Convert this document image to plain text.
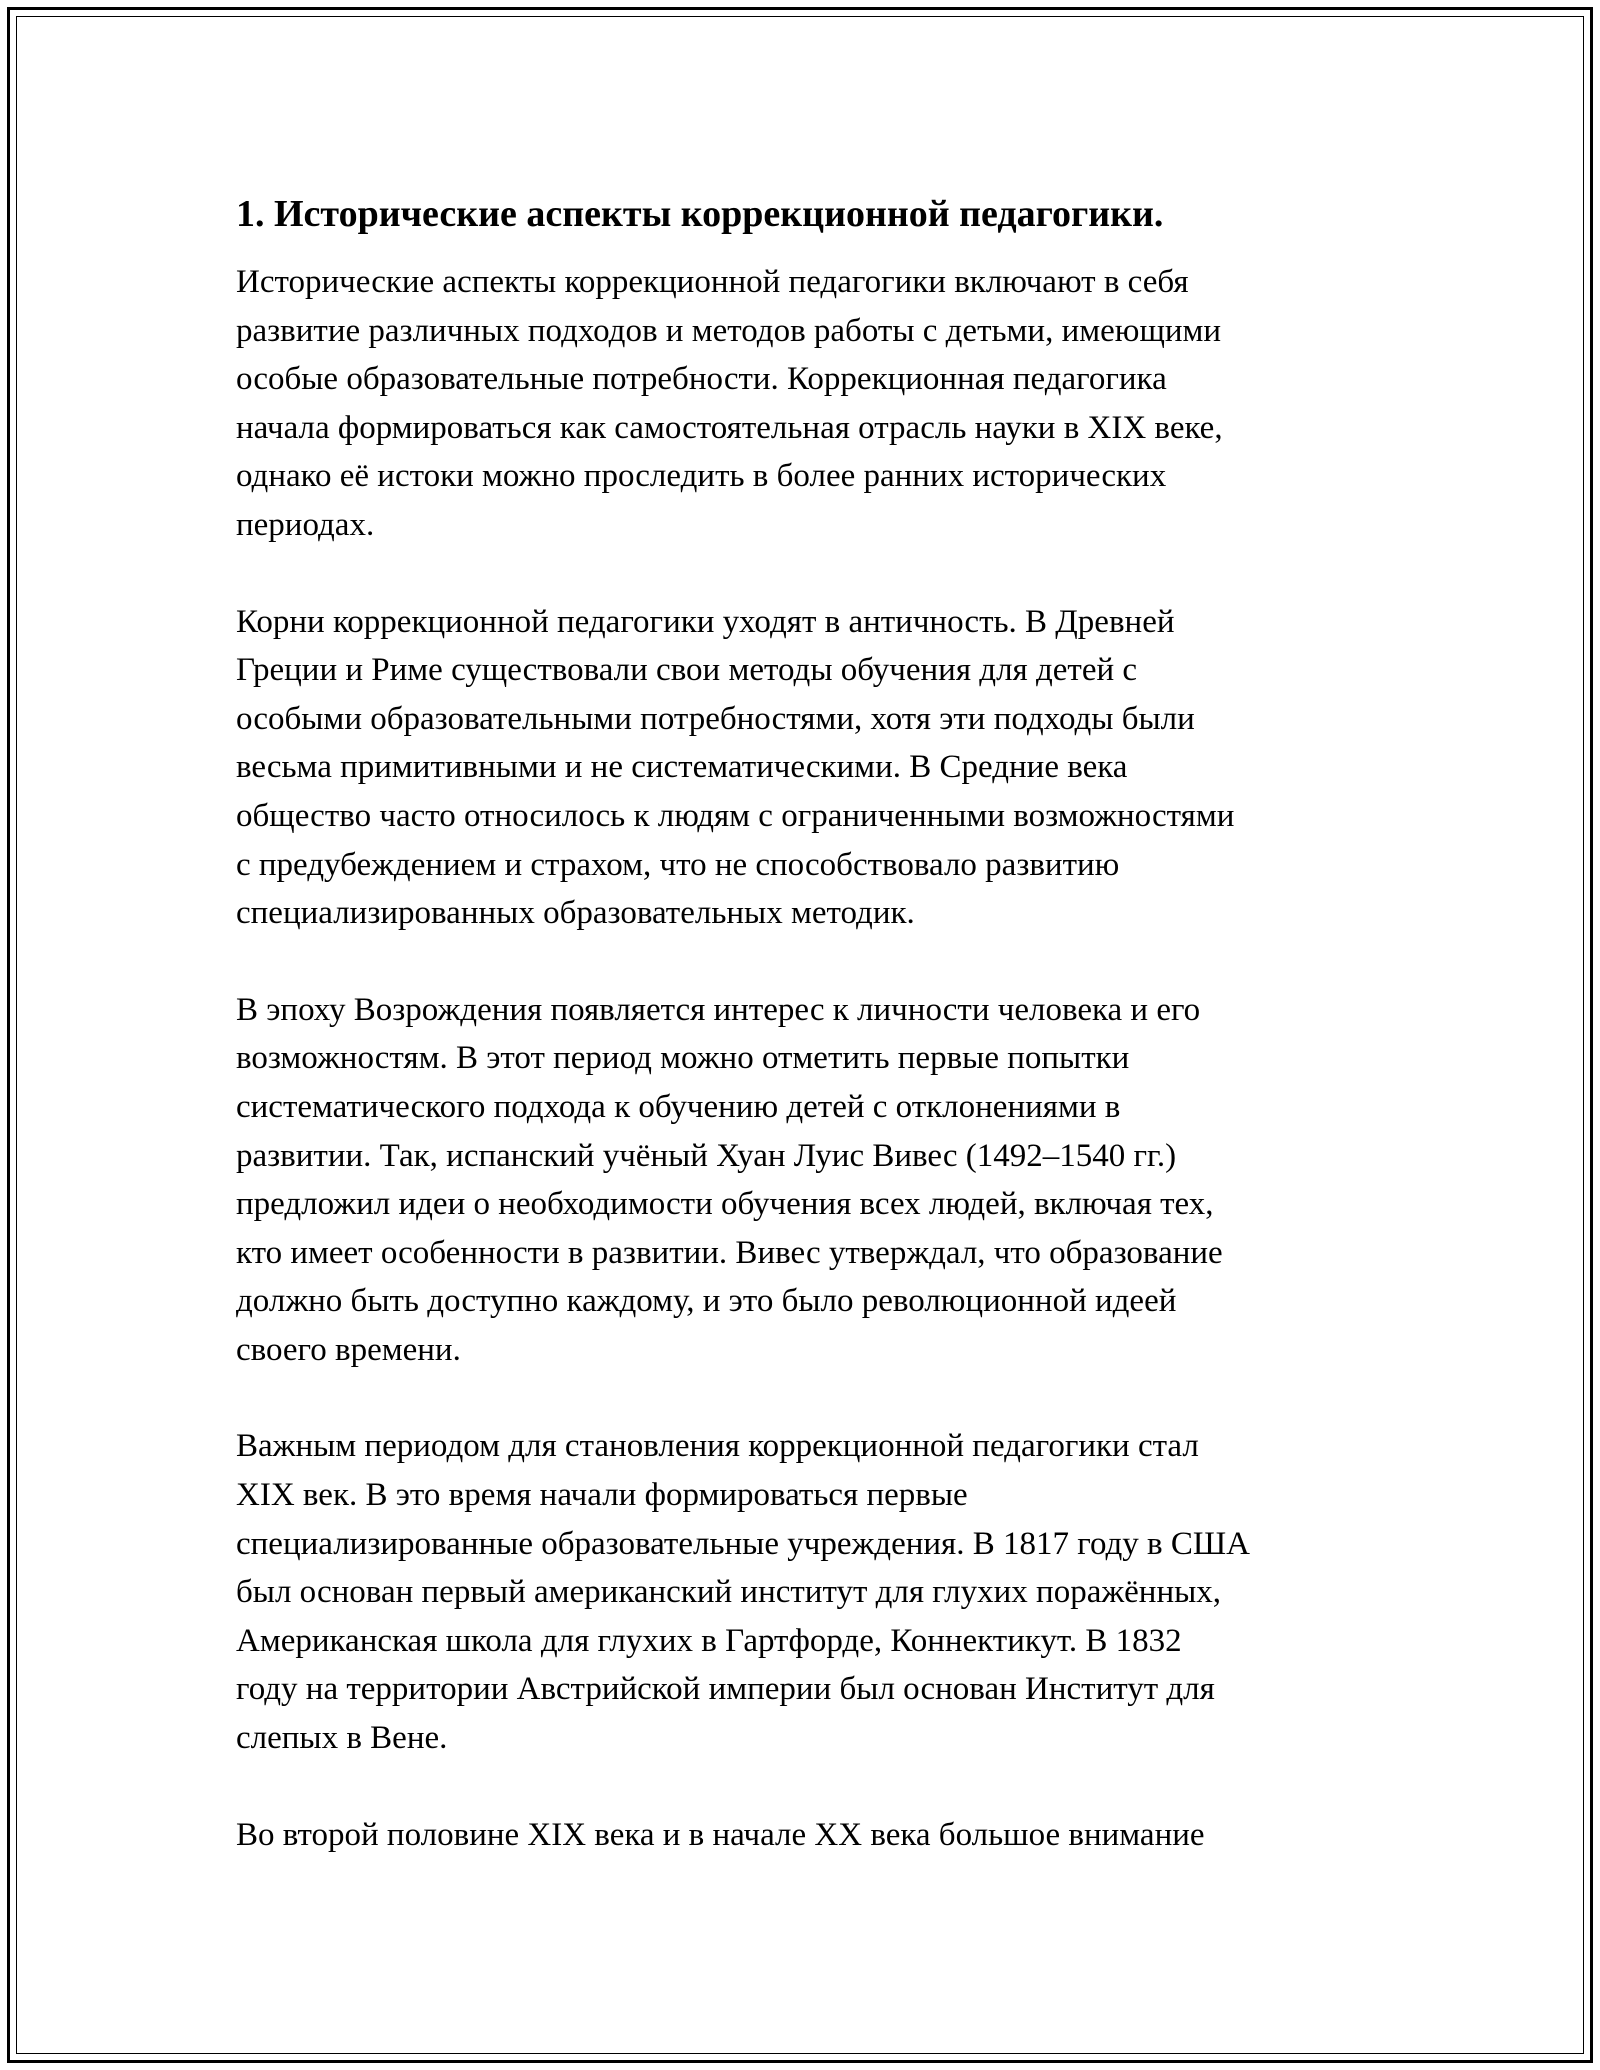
1. Исторические аспекты коррекционной педагогики.
Исторические аспекты коррекционной педагогики включают в себя
развитие различных подходов и методов работы с детьми, имеющими
особые образовательные потребности. Коррекционная педагогика
начала формироваться как самостоятельная отрасль науки в XIX веке,
однако её истоки можно проследить в более ранних исторических
периодах.
Корни коррекционной педагогики уходят в античность. В Древней
Греции и Риме существовали свои методы обучения для детей с
особыми образовательными потребностями, хотя эти подходы были
весьма примитивными и не систематическими. В Средние века
общество часто относилось к людям с ограниченными возможностями
с предубеждением и страхом, что не способствовало развитию
специализированных образовательных методик.
В эпоху Возрождения появляется интерес к личности человека и его
возможностям. В этот период можно отметить первые попытки
систематического подхода к обучению детей с отклонениями в
развитии. Так, испанский учёный Хуан Луис Вивес (1492–1540 гг.)
предложил идеи о необходимости обучения всех людей, включая тех,
кто имеет особенности в развитии. Вивес утверждал, что образование
должно быть доступно каждому, и это было революционной идеей
своего времени.
Важным периодом для становления коррекционной педагогики стал
XIX век. В это время начали формироваться первые
специализированные образовательные учреждения. В 1817 году в США
был основан первый американский институт для глухих поражённых,
Американская школа для глухих в Гартфорде, Коннектикут. В 1832
году на территории Австрийской империи был основан Институт для
слепых в Вене.
Во второй половине XIX века и в начале XX века большое внимание
